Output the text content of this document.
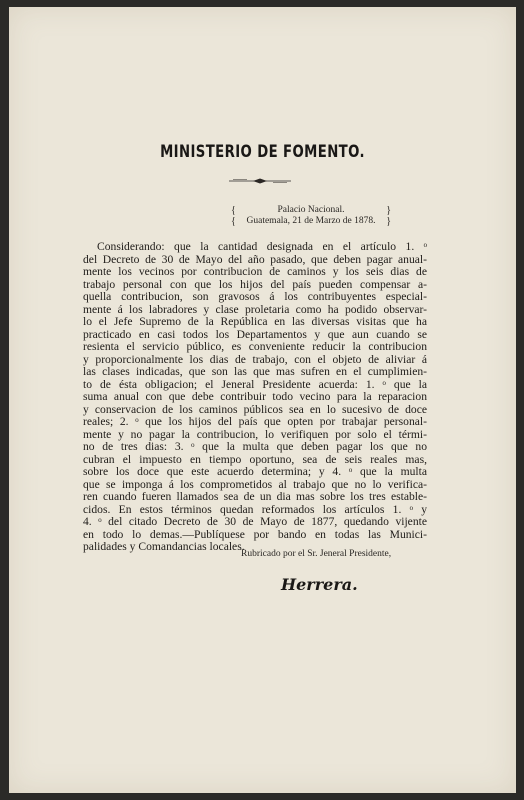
MINISTERIO DE FOMENTO.
{
{
Palacio Nacional.
Guatemala, 21 de Marzo de 1878.
}
}
Considerando: que la cantidad designada en el artículo 1. ᵒ
del Decreto de 30 de Mayo del año pasado, que deben pagar anual-
mente los vecinos por contribucion de caminos y los seis dias de
trabajo personal con que los hijos del país pueden compensar a-
quella contribucion, son gravosos á los contribuyentes especial-
mente á los labradores y clase proletaria como ha podido observar-
lo el Jefe Supremo de la República en las diversas visitas que ha
practicado en casi todos los Departamentos y que aun cuando se
resienta el servicio público, es conveniente reducir la contribucion
y proporcionalmente los dias de trabajo, con el objeto de aliviar á
las clases indicadas, que son las que mas sufren en el cumplimien-
to de ésta obligacion; el Jeneral Presidente acuerda: 1. ᵒ que la
suma anual con que debe contribuir todo vecino para la reparacion
y conservacion de los caminos públicos sea en lo sucesivo de doce
reales; 2. ᵒ que los hijos del país que opten por trabajar personal-
mente y no pagar la contribucion, lo verifiquen por solo el térmi-
no de tres dias: 3. ᵒ que la multa que deben pagar los que no
cubran el impuesto en tiempo oportuno, sea de seis reales mas,
sobre los doce que este acuerdo determina; y 4. ᵒ que la multa
que se imponga á los comprometidos al trabajo que no lo verifica-
ren cuando fueren llamados sea de un dia mas sobre los tres estable-
cidos. En estos términos quedan reformados los artículos 1. ᵒ y
4. ᵒ del citado Decreto de 30 de Mayo de 1877, quedando vijente
en todo lo demas.—Publíquese por bando en todas las Munici-
palidades y Comandancias locales.
Rubricado por el Sr. Jeneral Presidente,
Herrera.
